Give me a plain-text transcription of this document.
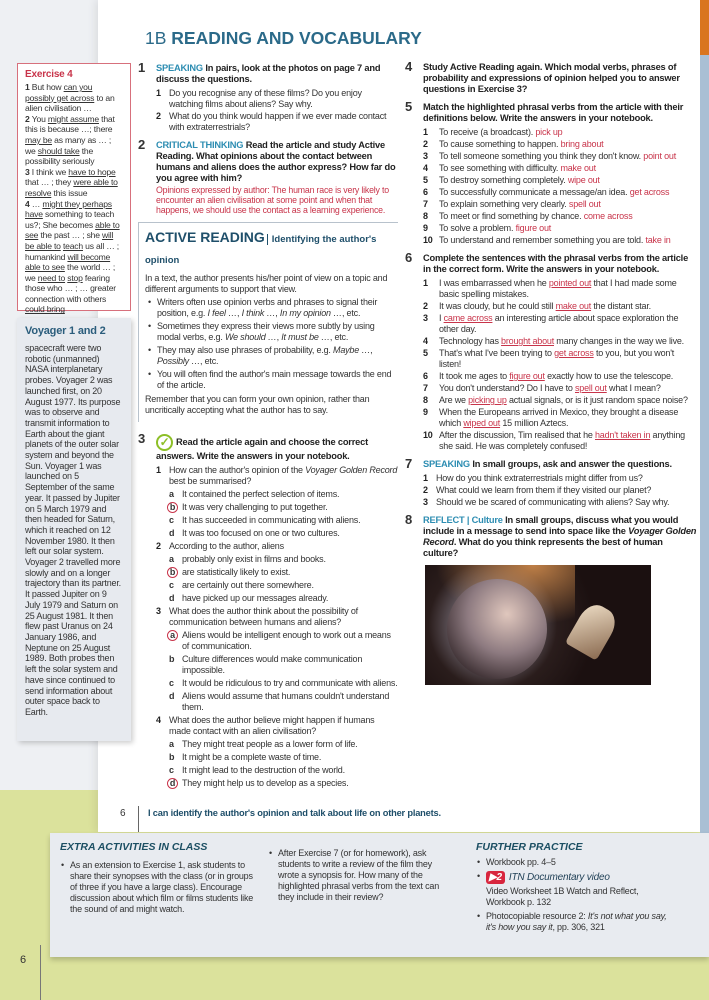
1B READING AND VOCABULARY
Exercise 4
1 But how can you possibly get across to an alien civilisation …
2 You might assume that this is because …; there may be as many as … ; we should take the possibility seriously
3 I think we have to hope that … ; they were able to resolve this issue
4 … might they perhaps have something to teach us?; She becomes able to see the past … ; she will be able to teach us all … ; humankind will become able to see the world … ; we need to stop fearing those who … ; … greater connection with others could bring
Voyager 1 and 2

spacecraft were two robotic (unmanned) NASA interplanetary probes. Voyager 2 was launched first, on 20 August 1977. Its purpose was to observe and transmit information to Earth about the giant planets of the outer solar system and beyond the Sun. Voyager 1 was launched on 5 September of the same year. It passed by Jupiter on 5 March 1979 and then headed for Saturn, which it reached on 12 November 1980. It then left our solar system.

Voyager 2 travelled more slowly and on a longer trajectory than its partner. It passed Jupiter on 9 July 1979 and Saturn on 25 August 1981. It then flew past Uranus on 24 January 1986, and Neptune on 25 August 1989. Both probes then left the solar system and have since continued to send information about outer space back to Earth.

1 SPEAKING In pairs, look at the photos on page 7 and discuss the questions.
1 Do you recognise any of these films? Do you enjoy watching films about aliens? Say why.
2 What do you think would happen if we ever made contact with extraterrestrials?
2 CRITICAL THINKING Read the article and study Active Reading. What opinions about the contact between humans and aliens does the author express? How far do you agree with him?
Opinions expressed by author: The human race is very likely to encounter an alien civilisation at some point and when that happens, we should use the contact as a learning experience.
ACTIVE READING Identifying the author's opinion

In a text, the author presents his/her point of view on a topic and different arguments to support that view.

• Writers often use opinion verbs and phrases to signal their position, e.g. I feel …, I think …, In my opinion …, etc.
• Sometimes they express their views more subtly by using modal verbs, e.g. We should …, It must be …, etc.
• They may also use phrases of probability, e.g. Maybe …, Possibly …, etc.
• You will often find the author's main message towards the end of the article.

Remember that you can form your own opinion, rather than uncritically accepting what the author has to say.

3 ✓ Read the article again and choose the correct answers. Write the answers in your notebook.
1 How can the author's opinion of the Voyager Golden Record best be summarised?
a It contained the perfect selection of items.
b It was very challenging to put together.
c It has succeeded in communicating with aliens.
d It was too focused on one or two cultures.
2 According to the author, aliens
a probably only exist in films and books.
b are statistically likely to exist.
c are certainly out there somewhere.
d have picked up our messages already.
3 What does the author think about the possibility of communication between humans and aliens?
a Aliens would be intelligent enough to work out a means of communication.
b Culture differences would make communication impossible.
c It would be ridiculous to try and communicate with aliens.
d Aliens would assume that humans couldn't understand them.
4 What does the author believe might happen if humans made contact with an alien civilisation?
a They might treat people as a lower form of life.
b It might be a complete waste of time.
c It might lead to the destruction of the world.
d They might help us to develop as a species.
4 Study Active Reading again. Which modal verbs, phrases of probability and expressions of opinion helped you to answer questions in Exercise 3?
5 Match the highlighted phrasal verbs from the article with their definitions below. Write the answers in your notebook.
1 To receive (a broadcast). pick up
2 To cause something to happen. bring about
3 To tell someone something you think they don't know. point out
4 To see something with difficulty. make out
5 To destroy something completely. wipe out
6 To successfully communicate a message/an idea. get across
7 To explain something very clearly. spell out
8 To meet or find something by chance. come across
9 To solve a problem. figure out
10 To understand and remember something you are told. take in
6 Complete the sentences with the phrasal verbs from the article in the correct form. Write the answers in your notebook.
1 I was embarrassed when he pointed out that I had made some basic spelling mistakes.
2 It was cloudy, but he could still make out the distant star.
3 I came across an interesting article about space exploration the other day.
4 Technology has brought about many changes in the way we live.
5 That's what I've been trying to get across to you, but you won't listen!
6 It took me ages to figure out exactly how to use the telescope.
7 You don't understand? Do I have to spell out what I mean?
8 Are we picking up actual signals, or is it just random space noise?
9 When the Europeans arrived in Mexico, they brought a disease which wiped out 15 million Aztecs.
10 After the discussion, Tim realised that he hadn't taken in anything she said. He was completely confused!
7 SPEAKING In small groups, ask and answer the questions.
1 How do you think extraterrestrials might differ from us?
2 What could we learn from them if they visited our planet?
3 Should we be scared of communicating with aliens? Say why.
8 REFLECT | Culture In small groups, discuss what you would include in a message to send into space like the Voyager Golden Record. What do you think represents the best of human culture?
6 I can identify the author's opinion and talk about life on other planets.
EXTRA ACTIVITIES IN CLASS
• As an extension to Exercise 1, ask students to share their synopses with the class (or in groups of three if you have a large class). Encourage discussion about which film or films students like the sound of and might watch.
• After Exercise 7 (or for homework), ask students to write a review of the film they wrote a synopsis for. How many of the highlighted phrasal verbs from the text can they include in their review?
FURTHER PRACTICE
• Workbook pp. 4–5
• ▶2 ITN Documentary video
Video Worksheet 1B Watch and Reflect, Workbook p. 132
• Photocopiable resource 2: It's not what you say, it's how you say it, pp. 306, 321
6
